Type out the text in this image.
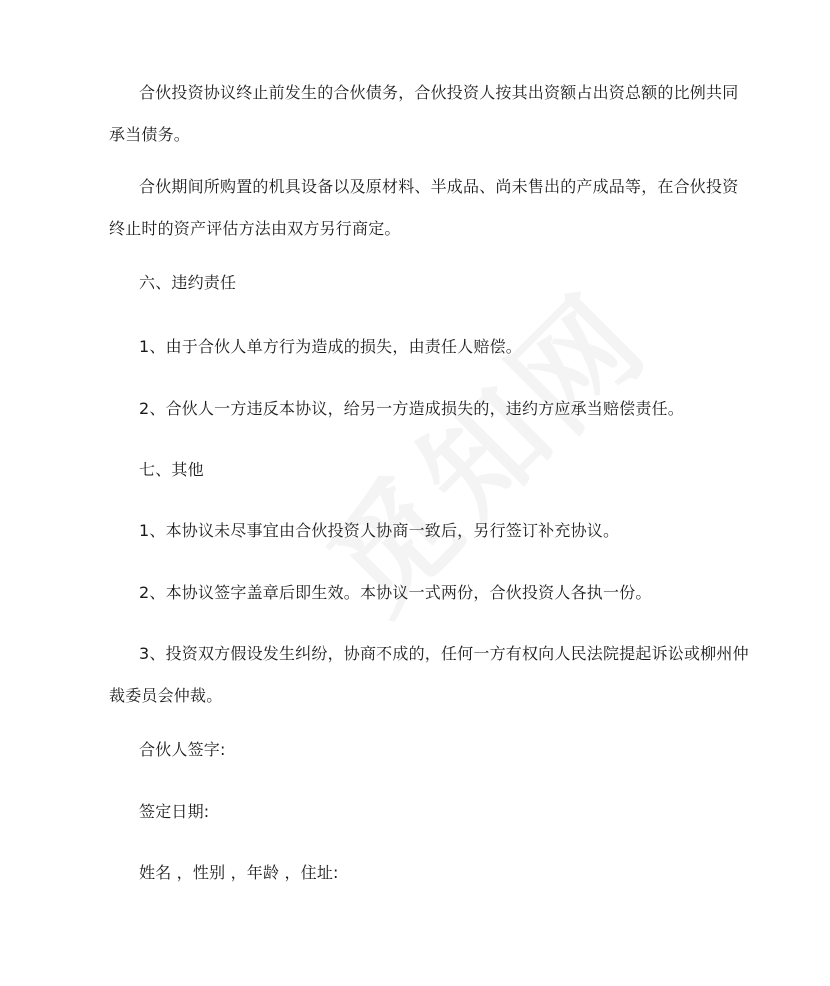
合伙投资协议终止前发生的合伙债务，合伙投资人按其出资额占出资总额的比例共同承当债务。

合伙期间所购置的机具设备以及原材料、半成品、尚未售出的产成品等，在合伙投资终止时的资产评估方法由双方另行商定。

六、违约责任

1、由于合伙人单方行为造成的损失，由责任人赔偿。

2、合伙人一方违反本协议，给另一方造成损失的，违约方应承当赔偿责任。

七、其他

1、本协议未尽事宜由合伙投资人协商一致后，另行签订补充协议。

2、本协议签字盖章后即生效。本协议一式两份，合伙投资人各执一份。

3、投资双方假设发生纠纷，协商不成的，任何一方有权向人民法院提起诉讼或柳州仲裁委员会仲裁。

合伙人签字:

签定日期:

姓名 ，性别 ，年龄 ，住址:
